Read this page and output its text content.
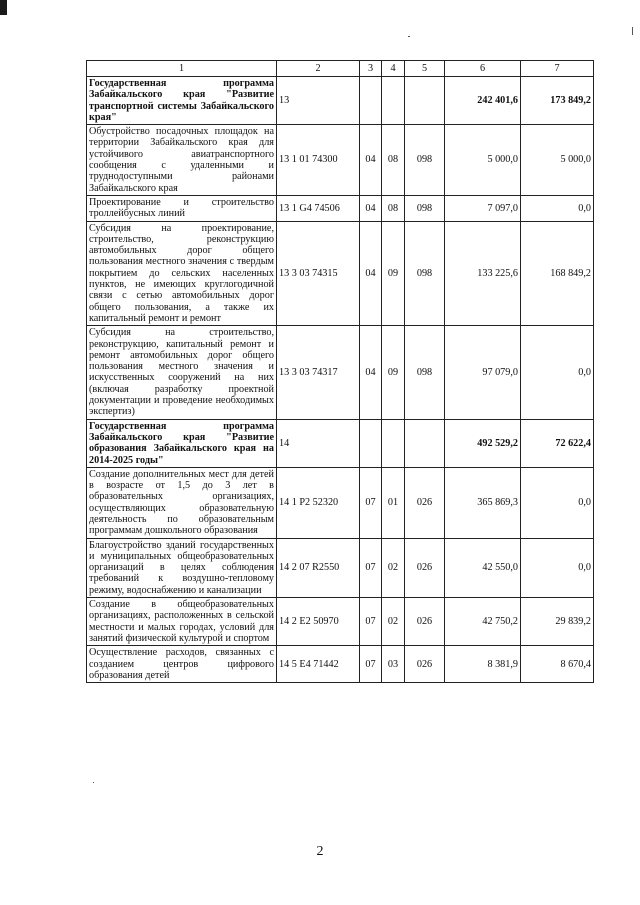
1	2	3	4	5	6	7
Государственная программа Забайкальского края "Развитие транспортной системы Забайкальского края"	13				242 401,6	173 849,2
Обустройство посадочных площадок на территории Забайкальского края для устойчивого авиатранспортного сообщения с удаленными и труднодоступными районами Забайкальского края	13 1 01 74300	04	08	098	5 000,0	5 000,0
Проектирование и строительство троллейбусных линий	13 1 G4 74506	04	08	098	7 097,0	0,0
Субсидия на проектирование, строительство, реконструкцию автомобильных дорог общего пользования местного значения с твердым покрытием до сельских населенных пунктов, не имеющих круглогодичной связи с сетью автомобильных дорог общего пользования, а также их капитальный ремонт и ремонт	13 3 03 74315	04	09	098	133 225,6	168 849,2
Субсидия на строительство, реконструкцию, капитальный ремонт и ремонт автомобильных дорог общего пользования местного значения и искусственных сооружений на них (включая разработку проектной документации и проведение необходимых экспертиз)	13 3 03 74317	04	09	098	97 079,0	0,0
Государственная программа Забайкальского края "Развитие образования Забайкальского края на 2014-2025 годы"	14				492 529,2	72 622,4
Создание дополнительных мест для детей в возрасте от 1,5 до 3 лет в образовательных организациях, осуществляющих образовательную деятельность по образовательным программам дошкольного образования	14 1 P2 52320	07	01	026	365 869,3	0,0
Благоустройство зданий государственных и муниципальных общеобразовательных организаций в целях соблюдения требований к воздушно-тепловому режиму, водоснабжению и канализации	14 2 07 R2550	07	02	026	42 550,0	0,0
Создание в общеобразовательных организациях, расположенных в сельской местности и малых городах, условий для занятий физической культурой и спортом	14 2 E2 50970	07	02	026	42 750,2	29 839,2
Осуществление расходов, связанных с созданием центров цифрового образования детей	14 5 E4 71442	07	03	026	8 381,9	8 670,4
2
